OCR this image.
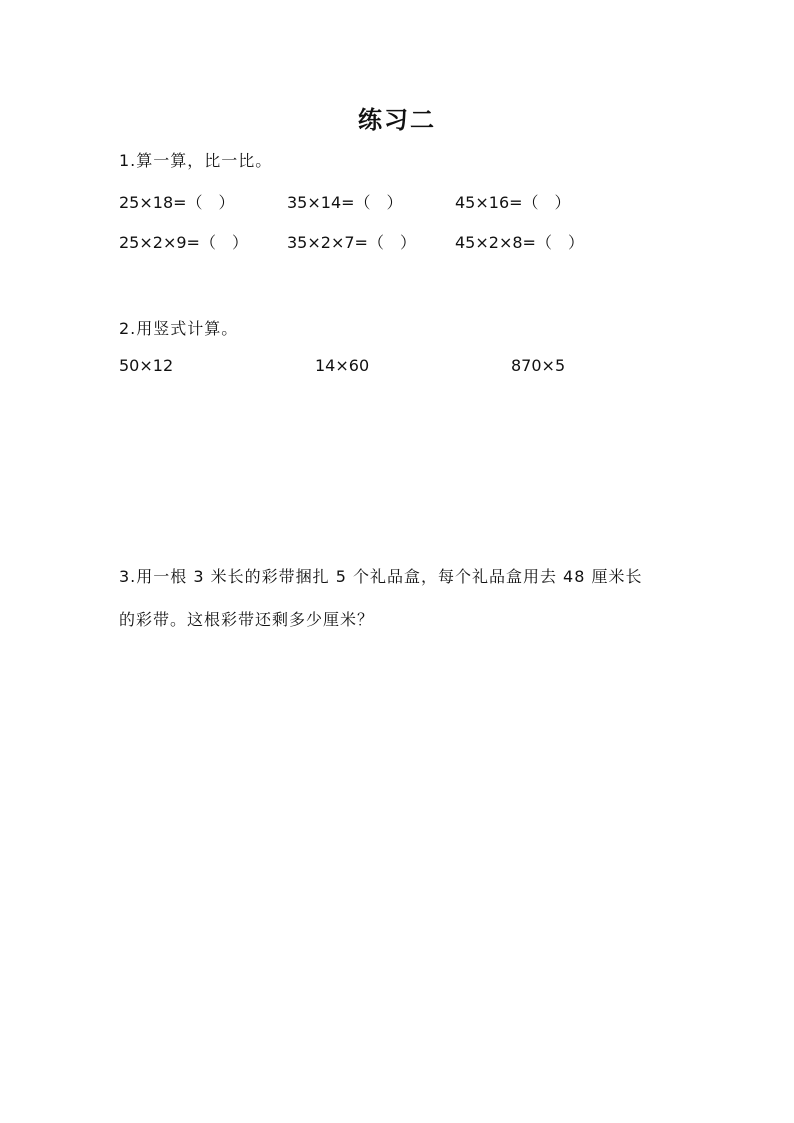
练习二
1.算一算，比一比。
25×18=（　）	35×14=（　）	45×16=（　）
25×2×9=（　） 35×2×7=（　） 45×2×8=（　）
2.用竖式计算。
50×12	14×60	870×5
3.用一根 3 米长的彩带捆扎 5 个礼品盒，每个礼品盒用去 48 厘米长
的彩带。这根彩带还剩多少厘米？
